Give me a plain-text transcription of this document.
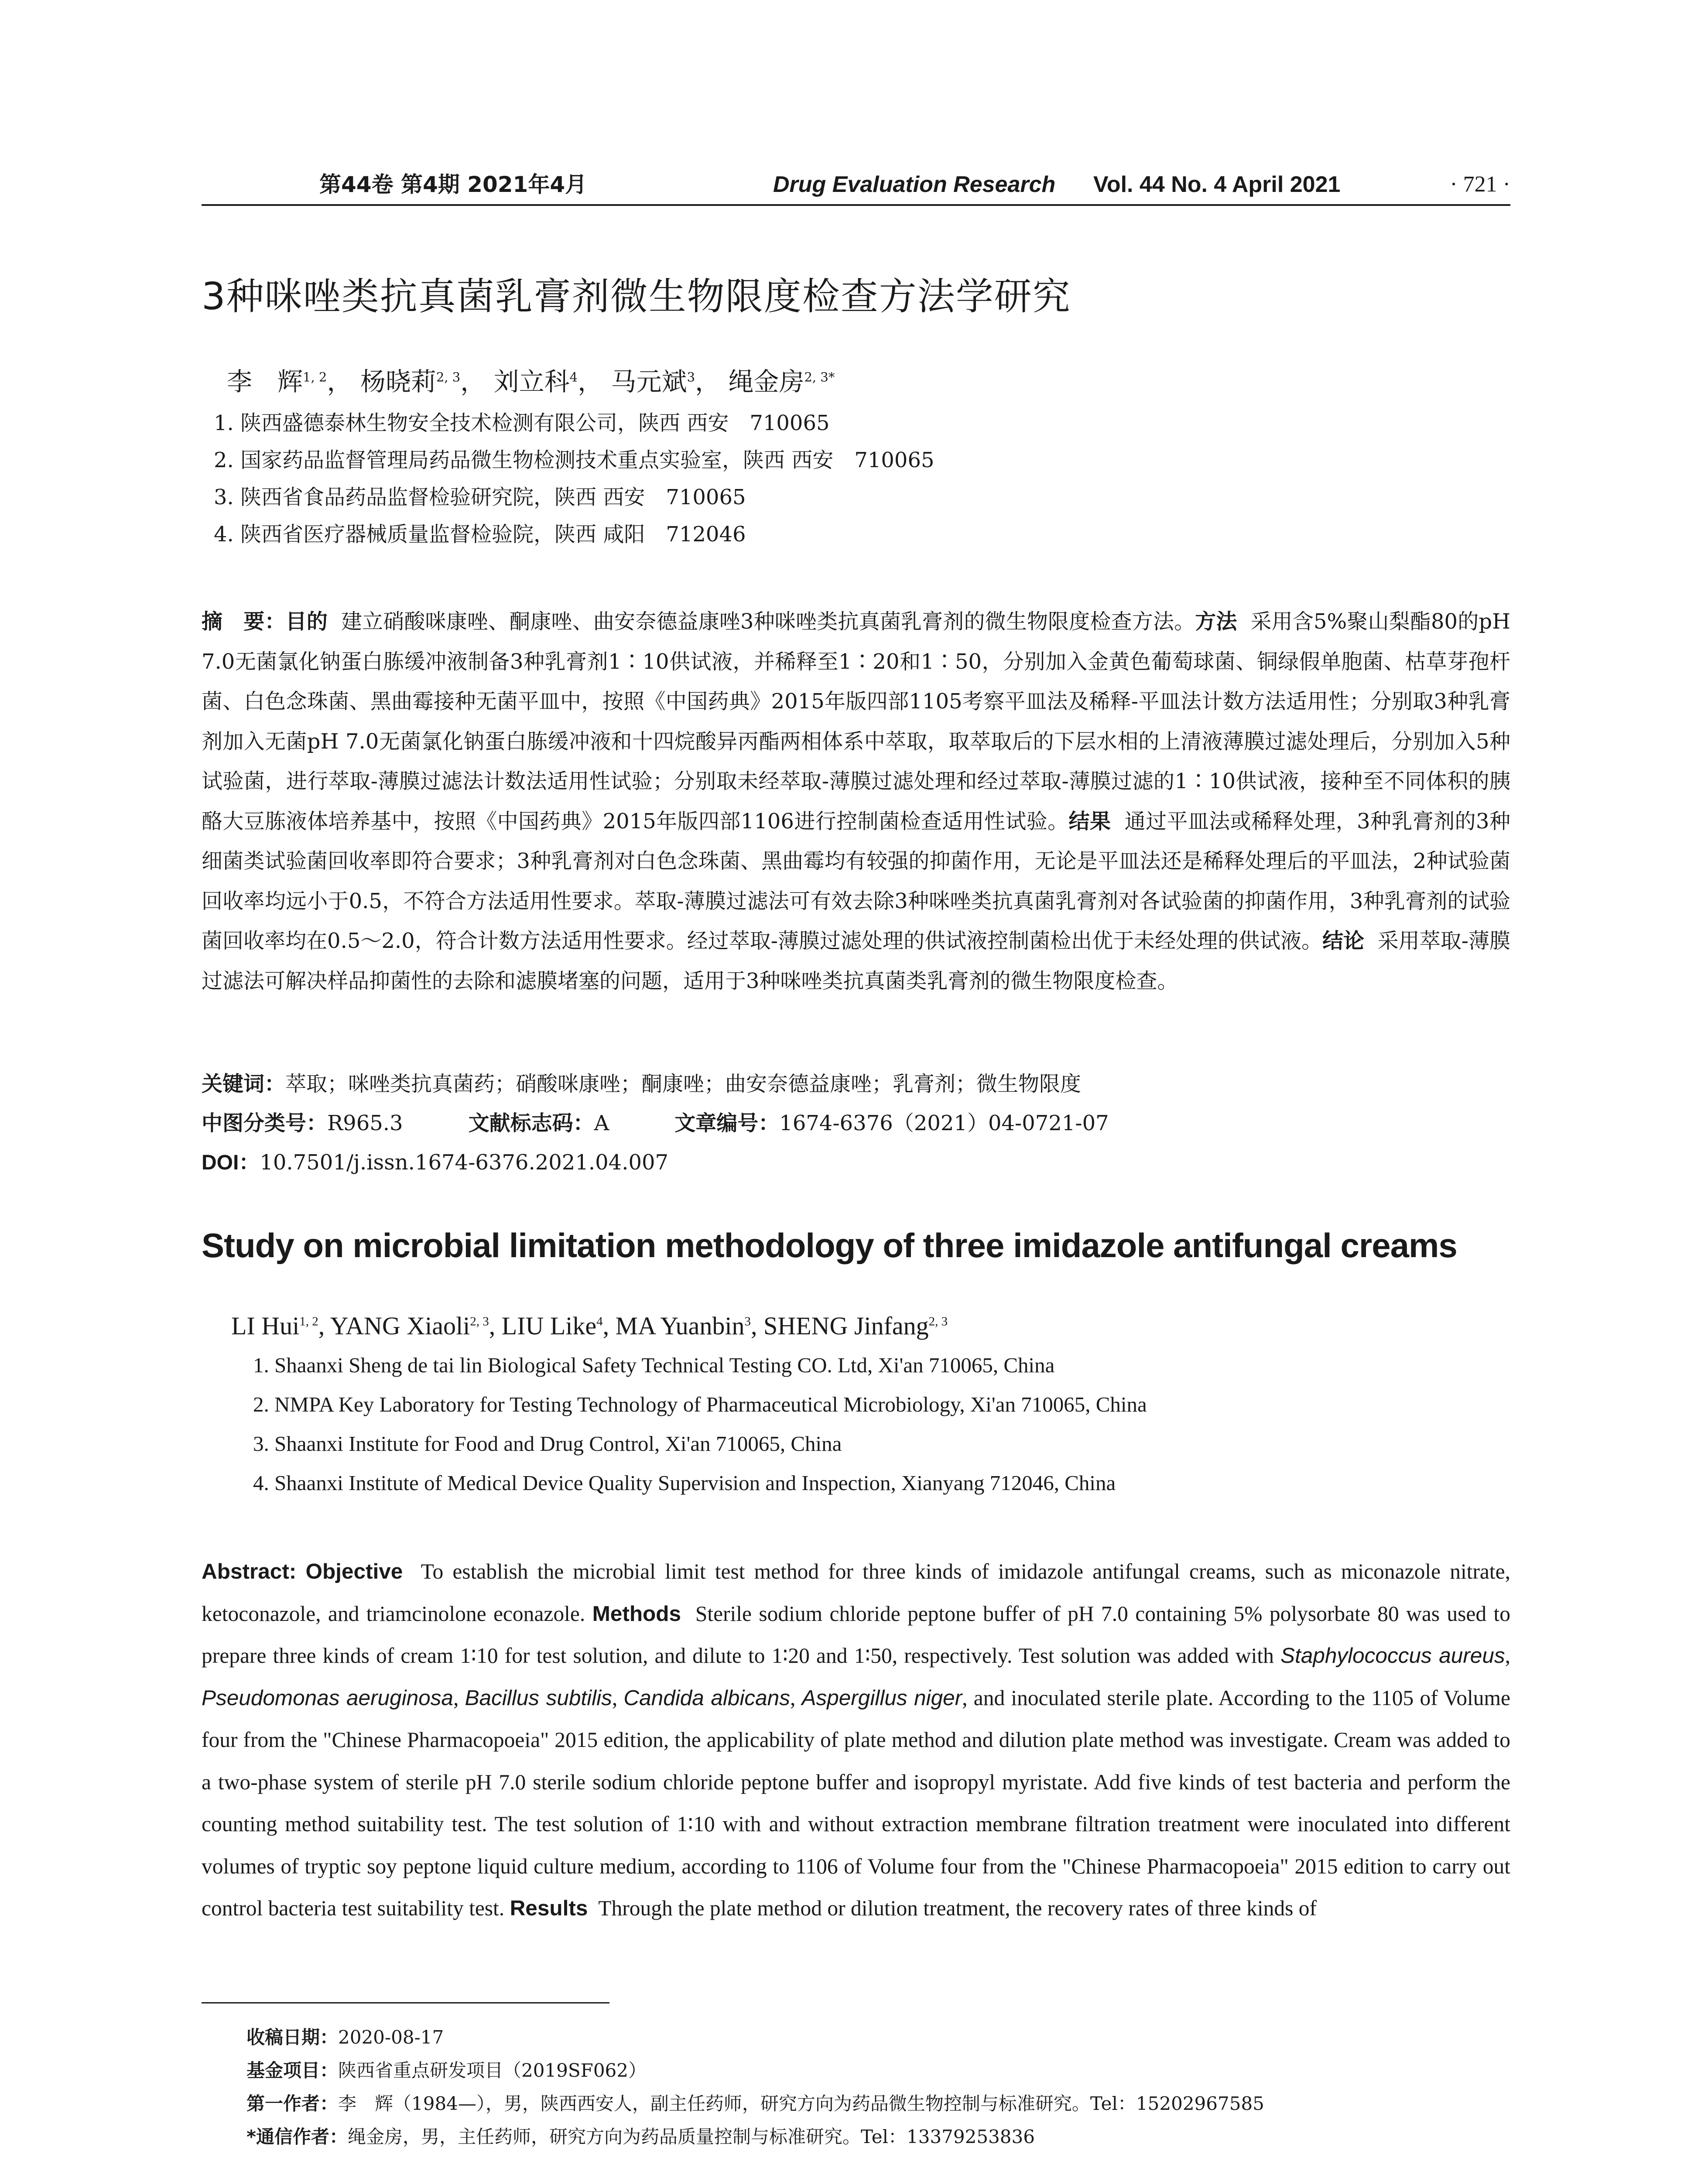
第44卷 第4期 2021年4月	Drug Evaluation Research Vol. 44 No. 4 April 2021	· 721 ·
3种咪唑类抗真菌乳膏剂微生物限度检查方法学研究
李　辉$^{1, 2}$， 杨晓莉$^{2, 3}$， 刘立科$^4$， 马元斌$^3$， 绳金房$^{2, 3*}$
1. 陕西盛德泰林生物安全技术检测有限公司，陕西 西安　710065
2. 国家药品监督管理局药品微生物检测技术重点实验室，陕西 西安　710065
3. 陕西省食品药品监督检验研究院，陕西 西安　710065
4. 陕西省医疗器械质量监督检验院，陕西 咸阳　712046
摘　要：目的 建立硝酸咪康唑、酮康唑、曲安奈德益康唑3种咪唑类抗真菌乳膏剂的微生物限度检查方法。方法 采用含5%聚山梨酯80的pH 7.0无菌氯化钠蛋白胨缓冲液制备3种乳膏剂1∶10供试液，并稀释至1∶20和1∶50，分别加入金黄色葡萄球菌、铜绿假单胞菌、枯草芽孢杆菌、白色念珠菌、黑曲霉接种无菌平皿中，按照《中国药典》2015年版四部1105考察平皿法及稀释-平皿法计数方法适用性；分别取3种乳膏剂加入无菌pH 7.0无菌氯化钠蛋白胨缓冲液和十四烷酸异丙酯两相体系中萃取，取萃取后的下层水相的上清液薄膜过滤处理后，分别加入5种试验菌，进行萃取-薄膜过滤法计数法适用性试验；分别取未经萃取-薄膜过滤处理和经过萃取-薄膜过滤的1∶10供试液，接种至不同体积的胰酪大豆胨液体培养基中，按照《中国药典》2015年版四部1106进行控制菌检查适用性试验。结果 通过平皿法或稀释处理，3种乳膏剂的3种细菌类试验菌回收率即符合要求；3种乳膏剂对白色念珠菌、黑曲霉均有较强的抑菌作用，无论是平皿法还是稀释处理后的平皿法，2种试验菌回收率均远小于0.5，不符合方法适用性要求。萃取-薄膜过滤法可有效去除3种咪唑类抗真菌乳膏剂对各试验菌的抑菌作用，3种乳膏剂的试验菌回收率均在0.5～2.0，符合计数方法适用性要求。经过萃取-薄膜过滤处理的供试液控制菌检出优于未经处理的供试液。结论 采用萃取-薄膜过滤法可解决样品抑菌性的去除和滤膜堵塞的问题，适用于3种咪唑类抗真菌类乳膏剂的微生物限度检查。
关键词：萃取；咪唑类抗真菌药；硝酸咪康唑；酮康唑；曲安奈德益康唑；乳膏剂；微生物限度
中图分类号：R965.3	文献标志码：A	文章编号：1674-6376（2021）04-0721-07
DOI：10.7501/j.issn.1674-6376.2021.04.007
Study on microbial limitation methodology of three imidazole antifungal creams
LI Hui$^{1, 2}$, YANG Xiaoli$^{2, 3}$, LIU Like$^4$, MA Yuanbin$^3$, SHENG Jinfang$^{2, 3}$
1. Shaanxi Sheng de tai lin Biological Safety Technical Testing CO. Ltd, Xi'an 710065, China
2. NMPA Key Laboratory for Testing Technology of Pharmaceutical Microbiology, Xi'an 710065, China
3. Shaanxi Institute for Food and Drug Control, Xi'an 710065, China
4. Shaanxi Institute of Medical Device Quality Supervision and Inspection, Xianyang 712046, China
Abstract: Objective To establish the microbial limit test method for three kinds of imidazole antifungal creams, such as miconazole nitrate, ketoconazole, and triamcinolone econazole. Methods Sterile sodium chloride peptone buffer of pH 7.0 containing 5% polysorbate 80 was used to prepare three kinds of cream 1∶10 for test solution, and dilute to 1∶20 and 1∶50, respectively. Test solution was added with Staphylococcus aureus, Pseudomonas aeruginosa, Bacillus subtilis, Candida albicans, Aspergillus niger, and inoculated sterile plate. According to the 1105 of Volume four from the "Chinese Pharmacopoeia" 2015 edition, the applicability of plate method and dilution plate method was investigate. Cream was added to a two-phase system of sterile pH 7.0 sterile sodium chloride peptone buffer and isopropyl myristate. Add five kinds of test bacteria and perform the counting method suitability test. The test solution of 1∶10 with and without extraction membrane filtration treatment were inoculated into different volumes of tryptic soy peptone liquid culture medium, according to 1106 of Volume four from the "Chinese Pharmacopoeia" 2015 edition to carry out control bacteria test suitability test. Results Through the plate method or dilution treatment, the recovery rates of three kinds of
收稿日期：2020-08-17
基金项目：陕西省重点研发项目（2019SF062）
第一作者：李　辉（1984—），男，陕西西安人，副主任药师，研究方向为药品微生物控制与标准研究。Tel：15202967585
*通信作者：绳金房，男，主任药师，研究方向为药品质量控制与标准研究。Tel：13379253836
